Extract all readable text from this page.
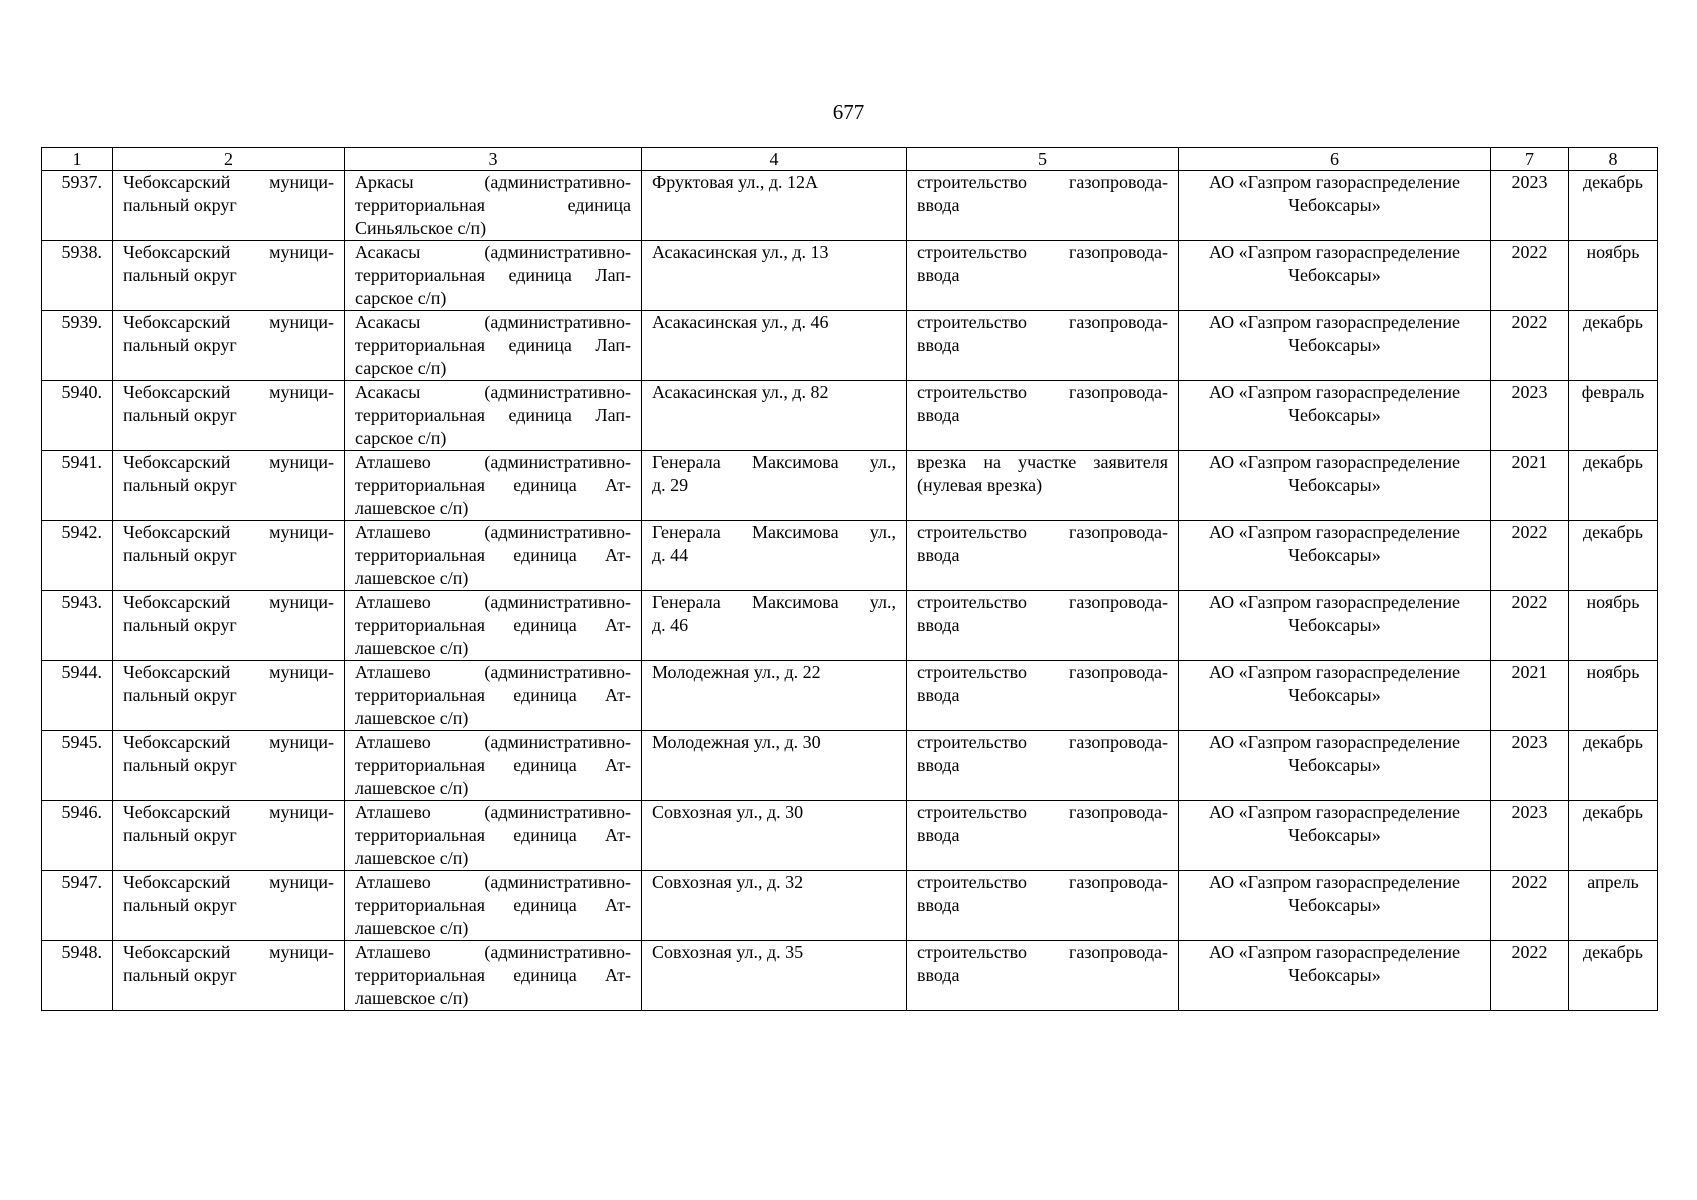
677
1	2	3	4	5	6	7	8
5937.	Чебоксарский муници-
пальный округ	Аркасы (административно-
территориальная единица
Синьяльское с/п)	Фруктовая ул., д. 12А	строительство газопровода-
ввода	АО «Газпром газораспределение
Чебоксары»	2023	декабрь
5938.	Чебоксарский муници-
пальный округ	Асакасы (административно-
территориальная единица Лап-
сарское с/п)	Асакасинская ул., д. 13	строительство газопровода-
ввода	АО «Газпром газораспределение
Чебоксары»	2022	ноябрь
5939.	Чебоксарский муници-
пальный округ	Асакасы (административно-
территориальная единица Лап-
сарское с/п)	Асакасинская ул., д. 46	строительство газопровода-
ввода	АО «Газпром газораспределение
Чебоксары»	2022	декабрь
5940.	Чебоксарский муници-
пальный округ	Асакасы (административно-
территориальная единица Лап-
сарское с/п)	Асакасинская ул., д. 82	строительство газопровода-
ввода	АО «Газпром газораспределение
Чебоксары»	2023	февраль
5941.	Чебоксарский муници-
пальный округ	Атлашево (административно-
территориальная единица Ат-
лашевское с/п)	Генерала Максимова ул.,
д. 29	врезка на участке заявителя
(нулевая врезка)	АО «Газпром газораспределение
Чебоксары»	2021	декабрь
5942.	Чебоксарский муници-
пальный округ	Атлашево (административно-
территориальная единица Ат-
лашевское с/п)	Генерала Максимова ул.,
д. 44	строительство газопровода-
ввода	АО «Газпром газораспределение
Чебоксары»	2022	декабрь
5943.	Чебоксарский муници-
пальный округ	Атлашево (административно-
территориальная единица Ат-
лашевское с/п)	Генерала Максимова ул.,
д. 46	строительство газопровода-
ввода	АО «Газпром газораспределение
Чебоксары»	2022	ноябрь
5944.	Чебоксарский муници-
пальный округ	Атлашево (административно-
территориальная единица Ат-
лашевское с/п)	Молодежная ул., д. 22	строительство газопровода-
ввода	АО «Газпром газораспределение
Чебоксары»	2021	ноябрь
5945.	Чебоксарский муници-
пальный округ	Атлашево (административно-
территориальная единица Ат-
лашевское с/п)	Молодежная ул., д. 30	строительство газопровода-
ввода	АО «Газпром газораспределение
Чебоксары»	2023	декабрь
5946.	Чебоксарский муници-
пальный округ	Атлашево (административно-
территориальная единица Ат-
лашевское с/п)	Совхозная ул., д. 30	строительство газопровода-
ввода	АО «Газпром газораспределение
Чебоксары»	2023	декабрь
5947.	Чебоксарский муници-
пальный округ	Атлашево (административно-
территориальная единица Ат-
лашевское с/п)	Совхозная ул., д. 32	строительство газопровода-
ввода	АО «Газпром газораспределение
Чебоксары»	2022	апрель
5948.	Чебоксарский муници-
пальный округ	Атлашево (административно-
территориальная единица Ат-
лашевское с/п)	Совхозная ул., д. 35	строительство газопровода-
ввода	АО «Газпром газораспределение
Чебоксары»	2022	декабрь
